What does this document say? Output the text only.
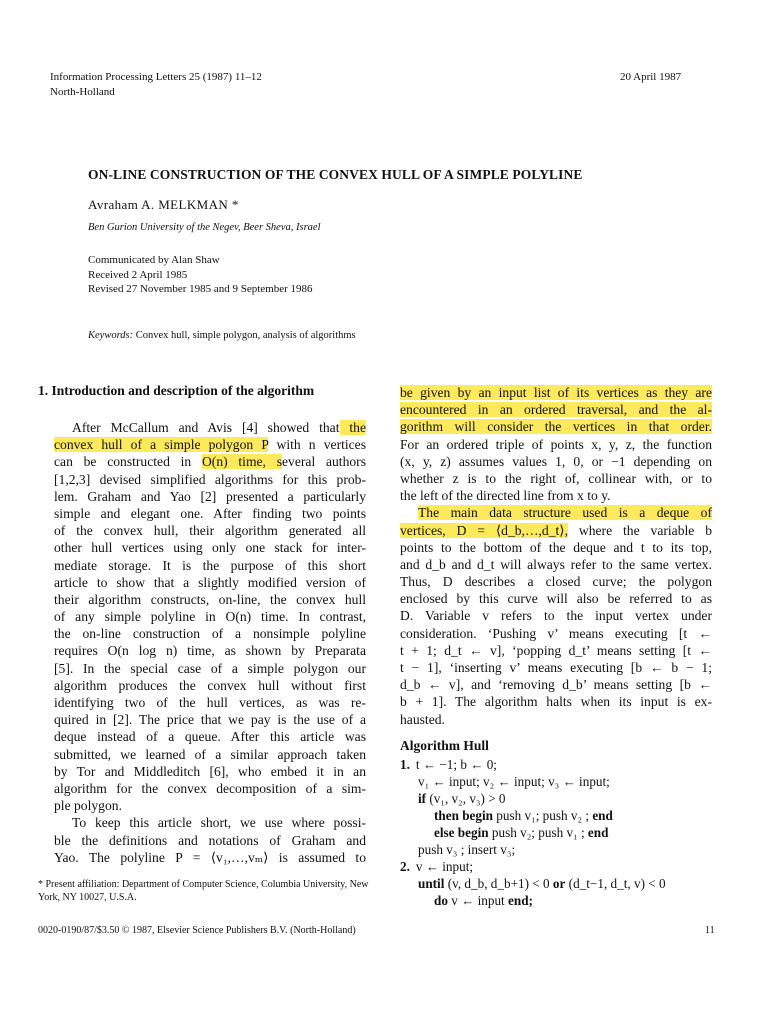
Information Processing Letters 25 (1987) 11–12
North-Holland
20 April 1987
ON-LINE CONSTRUCTION OF THE CONVEX HULL OF A SIMPLE POLYLINE
Avraham A. MELKMAN *
Ben Gurion University of the Negev, Beer Sheva, Israel
Communicated by Alan Shaw
Received 2 April 1985
Revised 27 November 1985 and 9 September 1986
Keywords: Convex hull, simple polygon, analysis of algorithms
1. Introduction and description of the algorithm
After McCallum and Avis [4] showed that the
convex hull of a simple polygon P with n vertices
can be constructed in O(n) time, several authors
[1,2,3] devised simplified algorithms for this prob-
lem. Graham and Yao [2] presented a particularly
simple and elegant one. After finding two points
of the convex hull, their algorithm generated all
other hull vertices using only one stack for inter-
mediate storage. It is the purpose of this short
article to show that a slightly modified version of
their algorithm constructs, on-line, the convex hull
of any simple polyline in O(n) time. In contrast,
the on-line construction of a nonsimple polyline
requires O(n log n) time, as shown by Preparata
[5]. In the special case of a simple polygon our
algorithm produces the convex hull without first
identifying two of the hull vertices, as was re-
quired in [2]. The price that we pay is the use of a
deque instead of a queue. After this article was
submitted, we learned of a similar approach taken
by Tor and Middleditch [6], who embed it in an
algorithm for the convex decomposition of a sim-
ple polygon.
To keep this article short, we use where possi-
ble the definitions and notations of Graham and
Yao. The polyline P = ⟨v₁,…,vₘ⟩ is assumed to
be given by an input list of its vertices as they are
encountered in an ordered traversal, and the al-
gorithm will consider the vertices in that order.
For an ordered triple of points x, y, z, the function
(x, y, z) assumes values 1, 0, or −1 depending on
whether z is to the right of, collinear with, or to
the left of the directed line from x to y.
The main data structure used is a deque of
vertices, D = ⟨d_b,…,d_t⟩, where the variable b
points to the bottom of the deque and t to its top,
and d_b and d_t will always refer to the same vertex.
Thus, D describes a closed curve; the polygon
enclosed by this curve will also be referred to as
D. Variable v refers to the input vertex under
consideration. ‘Pushing v’ means executing [t ←
t + 1; d_t ← v], ‘popping d_t’ means setting [t ←
t − 1], ‘inserting v’ means executing [b ← b − 1;
d_b ← v], and ‘removing d_b’ means setting [b ←
b + 1]. The algorithm halts when its input is ex-
hausted.
Algorithm Hull
1. t ← −1; b ← 0;
v₁ ← input; v₂ ← input; v₃ ← input;
if (v₁, v₂, v₃) > 0
then begin push v₁; push v₂ ; end
else begin push v₂; push v₁ ; end
push v₃ ; insert v₃;
2. v ← input;
until (v, d_b, d_b+1) < 0 or (d_t−1, d_t, v) < 0
do v ← input end;
* Present affiliation: Department of Computer Science, Columbia University, New York, NY 10027, U.S.A.
0020-0190/87/$3.50 © 1987, Elsevier Science Publishers B.V. (North-Holland)	11
